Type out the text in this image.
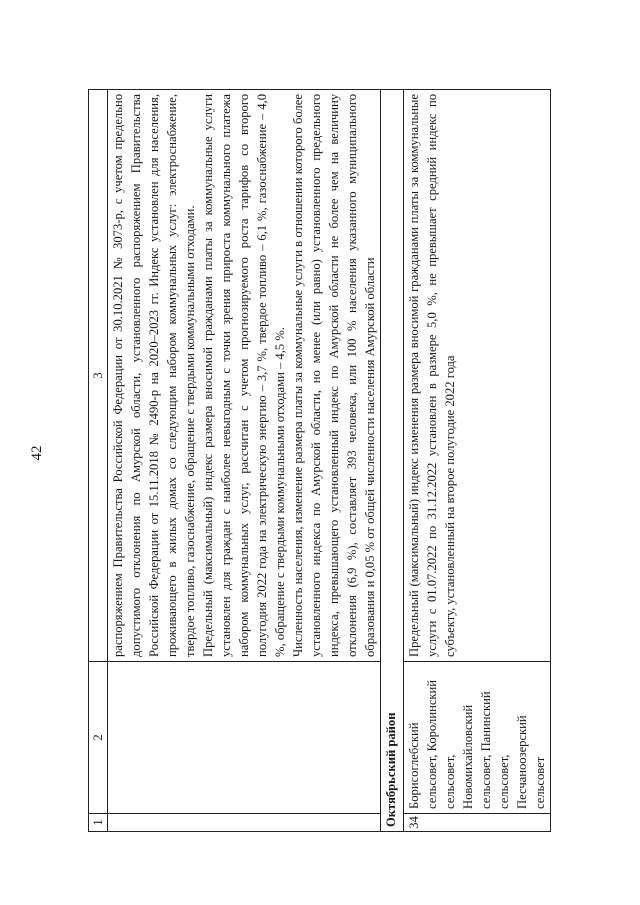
42
1	2	3

		распоряжением Правительства Российской Федерации от 30.10.2021 № 3073-р, с учетом предельно допустимого отклонения по Амурской области, установленного распоряжением Правительства Российской Федерации от 15.11.2018 № 2490-р на 2020–2023 гг. Индекс установлен для населения, проживающего в жилых домах со следующим набором коммунальных услуг: электроснабжение, твердое топливо, газоснабжение, обращение с твердыми коммунальными отходами. Предельный (максимальный) индекс размера вносимой гражданами платы за коммунальные услуги установлен для граждан с наиболее невыгодным с точки зрения прироста коммунального платежа набором коммунальных услуг, рассчитан с учетом прогнозируемого роста тарифов со второго полугодия 2022 года на электрическую энергию – 3,7 %, твердое топливо – 6,1 %, газоснабжение – 4,0 %, обращение с твердыми коммунальными отходами – 4,5 %. Численность населения, изменение размера платы за коммунальные услуги в отношении которого более установленного индекса по Амурской области, но менее (или равно) установленного предельного индекса, превышающего установленный индекс по Амурской области не более чем на величину отклонения (6,9 %), составляет 393 человека, или 100 % населения указанного муниципального образования и 0,05 % от общей численности населения Амурской области

Октябрьский район		
34	Борисоглебский сельсовет, Королинский сельсовет, Новомихайловский сельсовет, Панинский сельсовет, Песчаноозерский сельсовет	Предельный (максимальный) индекс изменения размера вносимой гражданами платы за коммунальные услуги с 01.07.2022 по 31.12.2022 установлен в размере 5,0 %, не превышает средний индекс по субъекту, установленный на второе полугодие 2022 года
